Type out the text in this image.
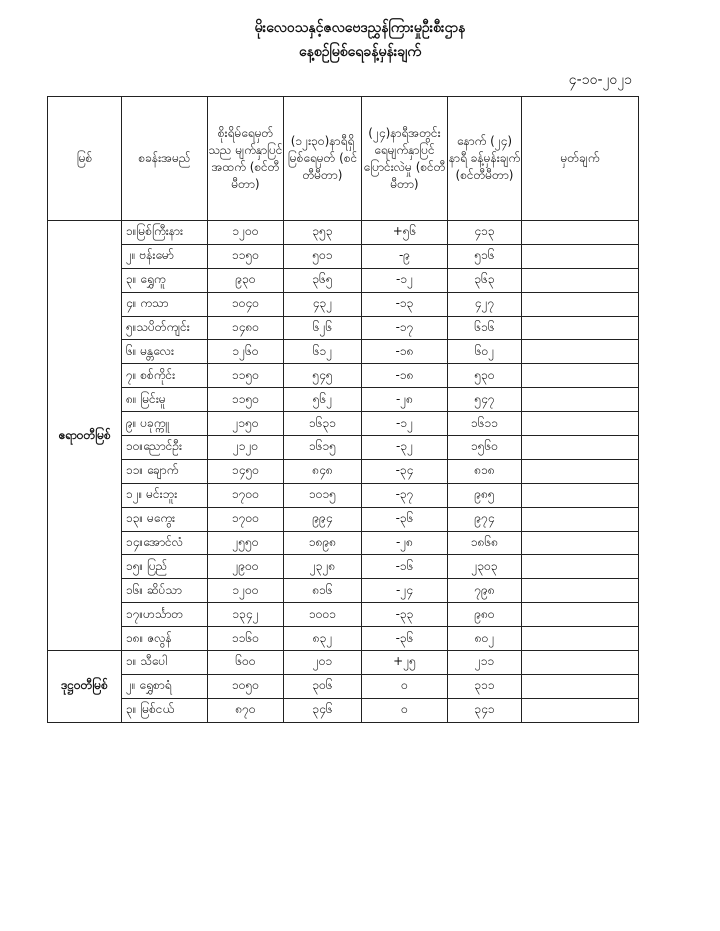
မိုးလေဝသနှင့်ဇလဗေဒညွှန်ကြားမှုဦးစီးဌာန
နေ့စဉ်မြစ်ရေခန့်မှန်းချက်
၄-၁၀-၂၀၂၁
မြစ်	စခန်းအမည်	စိုးရိမ်ရေမှတ် သည မျက်နှာပြင် အထက် (စင်တီမီတာ)	(၁၂း၃၀)နာရီရှိ မြစ်ရေမှတ် (စင်တီမီတာ)	(၂၄)နာရီအတွင်း ရေမျက်နှာပြင် ပြောင်းလဲမှု (စင်တီမီတာ)	နောက် (၂၄) နာရီ ခန့်မှန်းချက် (စင်တီမီတာ)	မှတ်ချက်
ဧရာဝတီမြစ်	၁။မြစ်ကြီးနား	၁၂၀၀	၃၅၃	+၅၆	၄၁၃	
	၂။ ဗန်းမော်	၁၁၅၀	၅၀၁	-၉	၅၁၆	
	၃။ ရွှေကူ	၉၃၀	၃၆၅	-၁၂	၃၆၃	
	၄။ ကသာ	၁၀၄၀	၄၃၂	-၁၃	၄၂၇	
	၅။သပိတ်ကျင်း	၁၄၈၀	၆၂၆	-၁၇	၆၁၆	
	၆။ မန္တလေး	၁၂၆၀	၆၁၂	-၁၈	၆၀၂	
	၇။ စစ်ကိုင်း	၁၁၅၀	၅၄၅	-၁၈	၅၃၀	
	၈။ မြင်းမူ	၁၁၅၀	၅၆၂	-၂၈	၅၄၇	
	၉။ ပခုက္ကူ	၂၁၅၀	၁၆၃၁	-၁၂	၁၆၁၁	
	၁၀။ညောင်ဦး	၂၁၂၀	၁၆၁၅	-၃၂	၁၅၆၀	
	၁၁။ ချောက်	၁၄၅၀	၈၄၈	-၃၄	၈၁၈	
	၁၂။ မင်းဘူး	၁၇၀၀	၁၀၁၅	-၃၇	၉၈၅	
	၁၃။ မကွေး	၁၇၀၀	၉၉၄	-၃၆	၉၇၄	
	၁၄။အောင်လံ	၂၅၅၀	၁၈၉၈	-၂၈	၁၈၆၈	
	၁၅။ ပြည်	၂၉၀၀	၂၃၂၈	-၁၆	၂၃၀၃	
	၁၆။ ဆိပ်သာ	၁၂၀၀	၈၁၆	-၂၄	၇၉၈	
	၁၇။ဟင်္သာတ	၁၃၄၂	၁၀၀၁	-၃၃	၉၈၀	
	၁၈။ ဇလွန်	၁၁၆၀	၈၃၂	-၃၆	၈၀၂	
ဒုဋ္ဌဝတီမြစ်	၁။ သီပေါ	၆၀၀	၂၀၁	+၂၅	၂၁၁	
	၂။ ရွှေစာရံ	၁၀၅၀	၃၀၆	၀	၃၁၁	
	၃။ မြစ်ငယ်	၈၇၀	၃၄၆	၀	၃၄၁	
